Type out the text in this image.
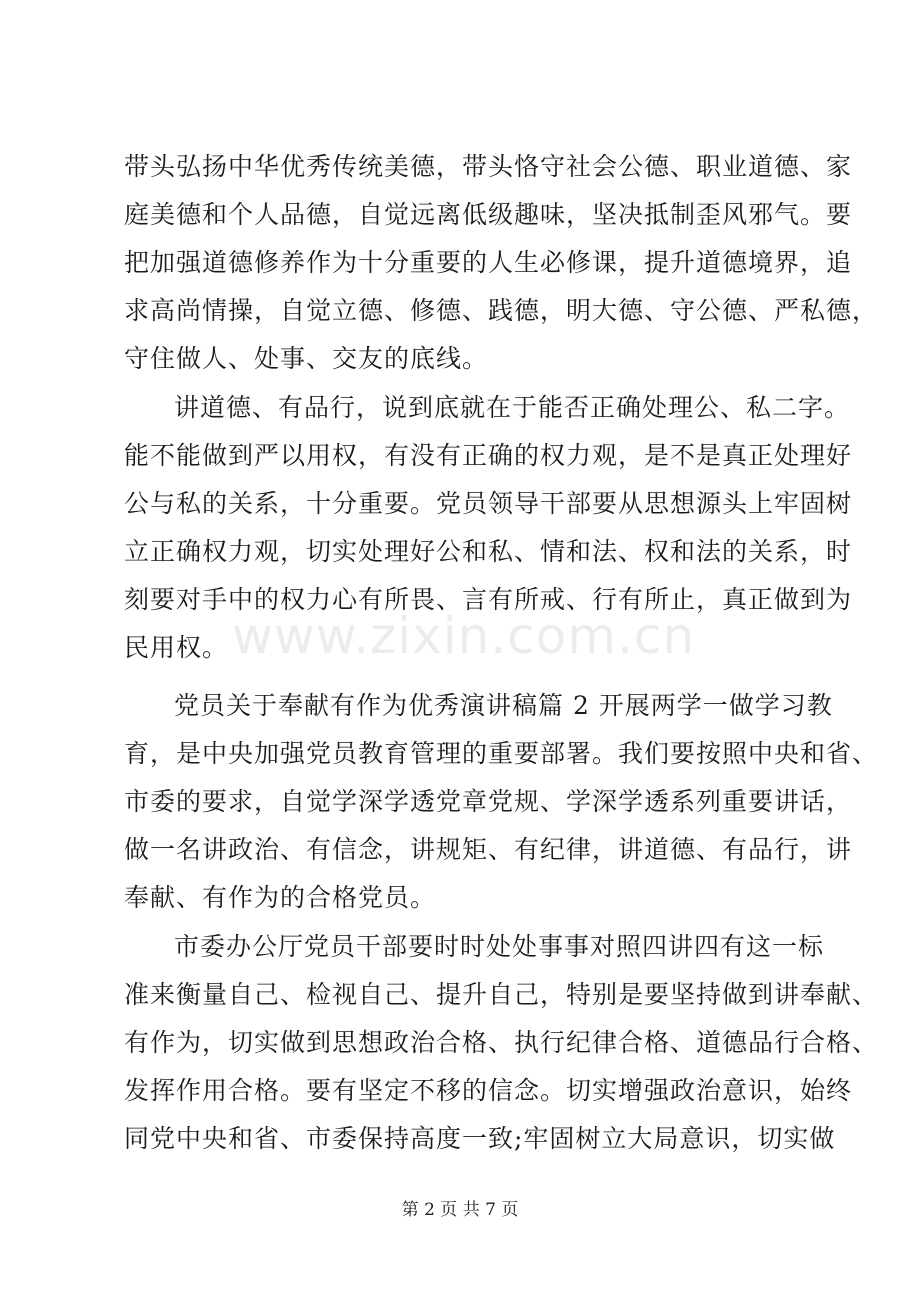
www.zixin.com.cn
带头弘扬中华优秀传统美德，带头恪守社会公德、职业道德、家
庭美德和个人品德，自觉远离低级趣味，坚决抵制歪风邪气。要
把加强道德修养作为十分重要的人生必修课，提升道德境界，追
求高尚情操，自觉立德、修德、践德，明大德、守公德、严私德，
守住做人、处事、交友的底线。
讲道德、有品行，说到底就在于能否正确处理公、私二字。
能不能做到严以用权，有没有正确的权力观，是不是真正处理好
公与私的关系，十分重要。党员领导干部要从思想源头上牢固树
立正确权力观，切实处理好公和私、情和法、权和法的关系，时
刻要对手中的权力心有所畏、言有所戒、行有所止，真正做到为
民用权。
党员关于奉献有作为优秀演讲稿篇 2 开展两学一做学习教
育，是中央加强党员教育管理的重要部署。我们要按照中央和省、
市委的要求，自觉学深学透党章党规、学深学透系列重要讲话，
做一名讲政治、有信念，讲规矩、有纪律，讲道德、有品行，讲
奉献、有作为的合格党员。
市委办公厅党员干部要时时处处事事对照四讲四有这一标
准来衡量自己、检视自己、提升自己，特别是要坚持做到讲奉献、
有作为，切实做到思想政治合格、执行纪律合格、道德品行合格、
发挥作用合格。要有坚定不移的信念。切实增强政治意识，始终
同党中央和省、市委保持高度一致;牢固树立大局意识，切实做
第 2 页 共 7 页
